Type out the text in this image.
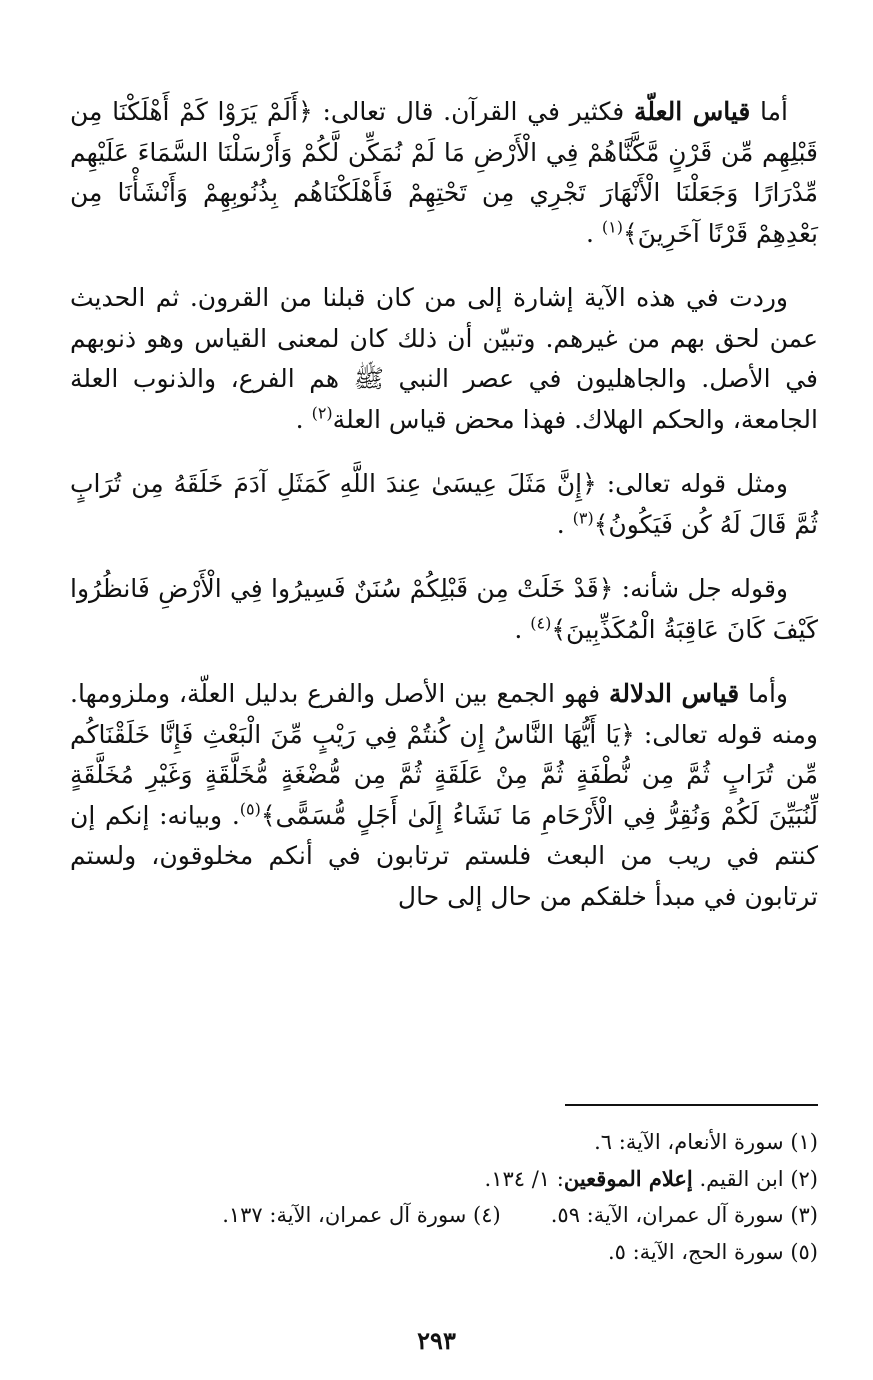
أما قياس العلّة فكثير في القرآن. قال تعالى: ﴿أَلَمْ يَرَوْا كَمْ أَهْلَكْنَا مِن قَبْلِهِم مِّن قَرْنٍ مَّكَّنَّاهُمْ فِي الْأَرْضِ مَا لَمْ نُمَكِّن لَّكُمْ وَأَرْسَلْنَا السَّمَاءَ عَلَيْهِم مِّدْرَارًا وَجَعَلْنَا الْأَنْهَارَ تَجْرِي مِن تَحْتِهِمْ فَأَهْلَكْنَاهُم بِذُنُوبِهِمْ وَأَنْشَأْنَا مِن بَعْدِهِمْ قَرْنًا آخَرِينَ﴾$^{(١)}$ .

وردت في هذه الآية إشارة إلى من كان قبلنا من القرون. ثم الحديث عمن لحق بهم من غيرهم. وتبيّن أن ذلك كان لمعنى القياس وهو ذنوبهم في الأصل. والجاهليون في عصر النبي ﷺ هم الفرع، والذنوب العلة الجامعة، والحكم الهلاك. فهذا محض قياس العلة$^{(٢)}$ .

ومثل قوله تعالى: ﴿إِنَّ مَثَلَ عِيسَىٰ عِندَ اللَّهِ كَمَثَلِ آدَمَ خَلَقَهُ مِن تُرَابٍ ثُمَّ قَالَ لَهُ كُن فَيَكُونُ﴾$^{(٣)}$ .

وقوله جل شأنه: ﴿قَدْ خَلَتْ مِن قَبْلِكُمْ سُنَنٌ فَسِيرُوا فِي الْأَرْضِ فَانظُرُوا كَيْفَ كَانَ عَاقِبَةُ الْمُكَذِّبِينَ﴾$^{(٤)}$ .

وأما قياس الدلالة فهو الجمع بين الأصل والفرع بدليل العلّة، وملزومها. ومنه قوله تعالى: ﴿يَا أَيُّهَا النَّاسُ إِن كُنتُمْ فِي رَيْبٍ مِّنَ الْبَعْثِ فَإِنَّا خَلَقْنَاكُم مِّن تُرَابٍ ثُمَّ مِن نُّطْفَةٍ ثُمَّ مِنْ عَلَقَةٍ ثُمَّ مِن مُّضْغَةٍ مُّخَلَّقَةٍ وَغَيْرِ مُخَلَّقَةٍ لِّنُبَيِّنَ لَكُمْ وَنُقِرُّ فِي الْأَرْحَامِ مَا نَشَاءُ إِلَىٰ أَجَلٍ مُّسَمًّى﴾$^{(٥)}$. وبيانه: إنكم إن كنتم في ريب من البعث فلستم ترتابون في أنكم مخلوقون، ولستم ترتابون في مبدأ خلقكم من حال إلى حال

(١) سورة الأنعام، الآية: ٦.
(٢) ابن القيم. إعلام الموقعين: ١/ ١٣٤.
(٣) سورة آل عمران، الآية: ٥٩.(٤) سورة آل عمران، الآية: ١٣٧.
(٥) سورة الحج، الآية: ٥.
٢٩٣
